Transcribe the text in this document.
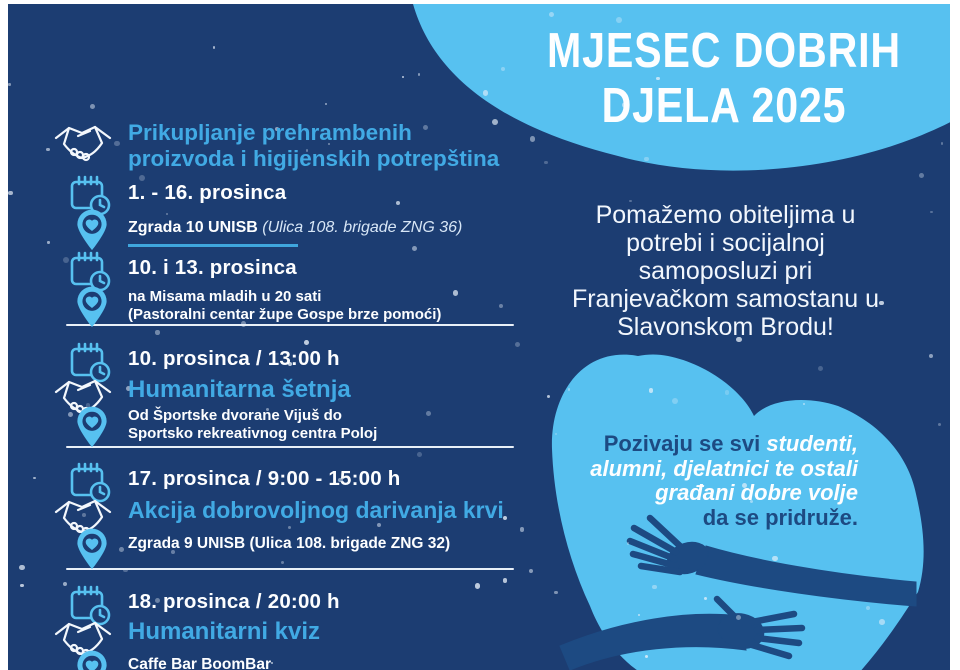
MJESEC DOBRIH
DJELA 2025
Pomažemo obiteljima u
potrebi i socijalnoj
samoposluzi pri
Franjevačkom samostanu u
Slavonskom Brodu!
Pozivaju se svi studenti,
alumni, djelatnici te ostali
građani dobre volje
da se pridruže.
Prikupljanje prehrambenih
proizvoda i higijenskih potrepština
1. - 16. prosinca
Zgrada 10 UNISB (Ulica 108. brigade ZNG 36)
10. i 13. prosinca
na Misama mladih u 20 sati
(Pastoralni centar župe Gospe brze pomoći)
10. prosinca / 13:00 h
Humanitarna šetnja
Od Športske dvorane Vijuš do
Sportsko rekreativnog centra Poloj
17. prosinca / 9:00 - 15:00 h
Akcija dobrovoljnog darivanja krvi
Zgrada 9 UNISB (Ulica 108. brigade ZNG 32)
18. prosinca / 20:00 h
Humanitarni kviz
Caffe Bar BoomBar
